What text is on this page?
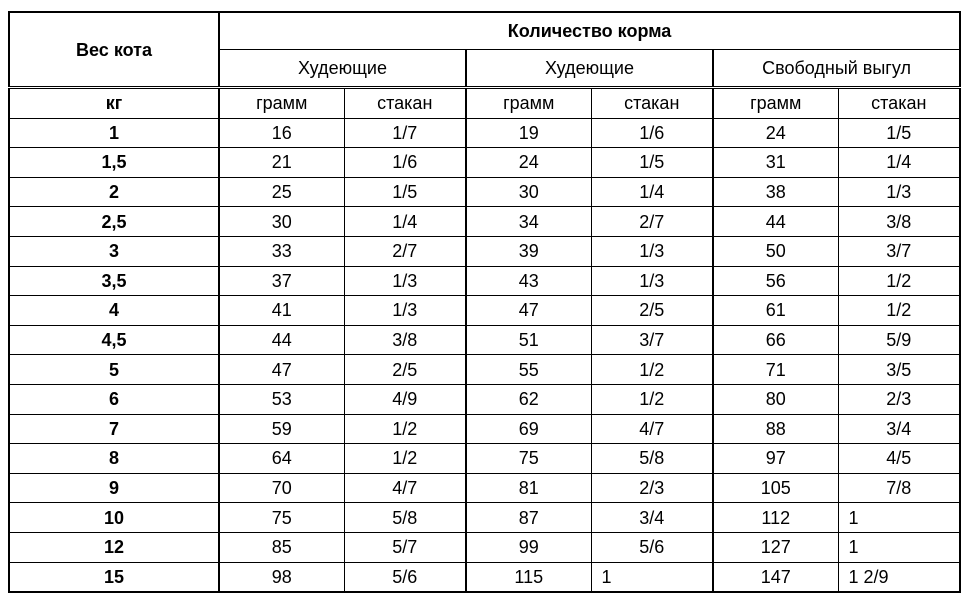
Вес кота	Количество корма					
	Худеющие		Худеющие		Свободный выгул	
кг	грамм	стакан	грамм	стакан	грамм	стакан
1	16	1/7	19	1/6	24	1/5
1,5	21	1/6	24	1/5	31	1/4
2	25	1/5	30	1/4	38	1/3
2,5	30	1/4	34	2/7	44	3/8
3	33	2/7	39	1/3	50	3/7
3,5	37	1/3	43	1/3	56	1/2
4	41	1/3	47	2/5	61	1/2
4,5	44	3/8	51	3/7	66	5/9
5	47	2/5	55	1/2	71	3/5
6	53	4/9	62	1/2	80	2/3
7	59	1/2	69	4/7	88	3/4
8	64	1/2	75	5/8	97	4/5
9	70	4/7	81	2/3	105	7/8
10	75	5/8	87	3/4	112	1
12	85	5/7	99	5/6	127	1
15	98	5/6	115	1	147	1 2/9
